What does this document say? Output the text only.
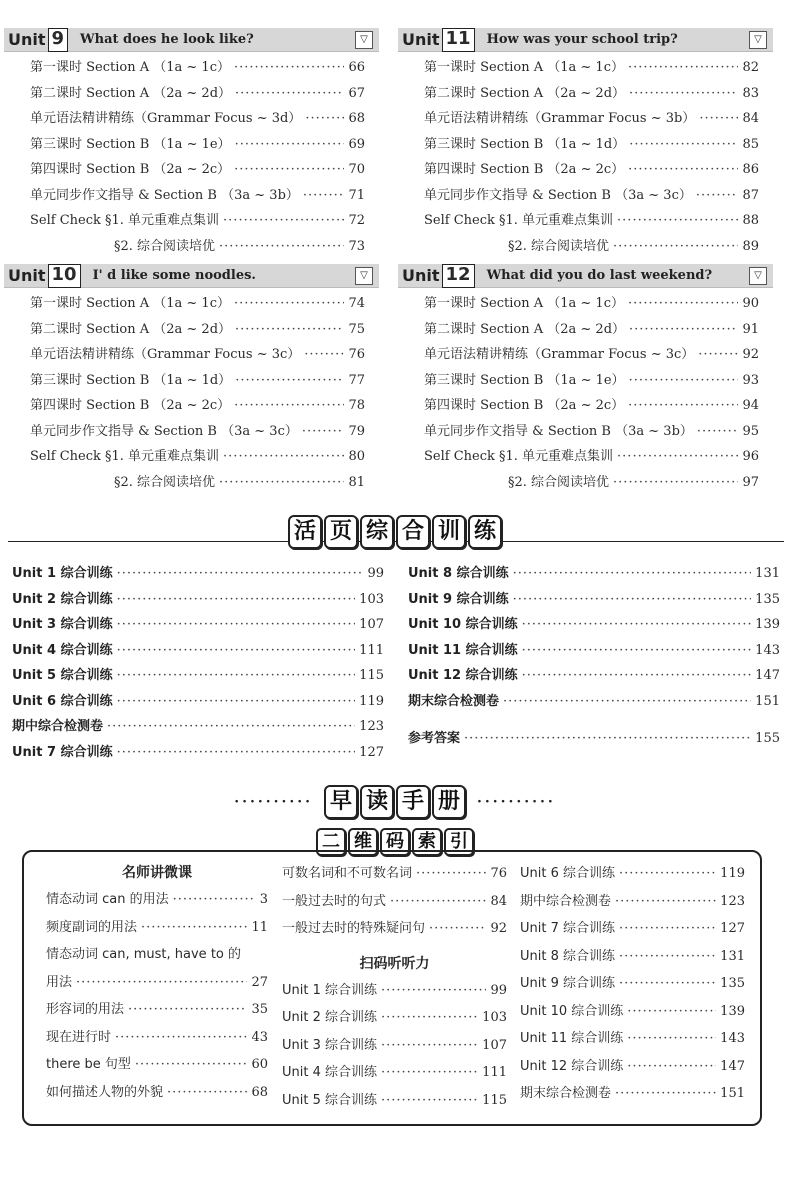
Unit 9	What does he look like?	▽
第一课时 Section A （1a ~ 1c） ·····	66
第二课时 Section A （2a ~ 2d） ·····	67
单元语法精讲精练（Grammar Focus ~ 3d） ·····	68
第三课时 Section B （1a ~ 1e） ·····	69
第四课时 Section B （2a ~ 2c） ·····	70
单元同步作文指导 & Section B （3a ~ 3b） ·····	71
Self Check §1. 单元重难点集训 ·····	72
§2. 综合阅读培优 ·····	73
Unit 11	How was your school trip?	▽
第一课时 Section A （1a ~ 1c） ·····	82
第二课时 Section A （2a ~ 2d） ·····	83
单元语法精讲精练（Grammar Focus ~ 3b） ·····	84
第三课时 Section B （1a ~ 1d） ·····	85
第四课时 Section B （2a ~ 2c） ·····	86
单元同步作文指导 & Section B （3a ~ 3c） ·····	87
Self Check §1. 单元重难点集训 ·····	88
§2. 综合阅读培优 ·····	89
Unit 10	I' d like some noodles.	▽
第一课时 Section A （1a ~ 1c） ·····	74
第二课时 Section A （2a ~ 2d） ·····	75
单元语法精讲精练（Grammar Focus ~ 3c） ·····	76
第三课时 Section B （1a ~ 1d） ·····	77
第四课时 Section B （2a ~ 2c） ·····	78
单元同步作文指导 & Section B （3a ~ 3c） ·····	79
Self Check §1. 单元重难点集训 ·····	80
§2. 综合阅读培优 ·····	81
Unit 12	What did you do last weekend?	▽
第一课时 Section A （1a ~ 1c） ·····	90
第二课时 Section A （2a ~ 2d） ·····	91
单元语法精讲精练（Grammar Focus ~ 3c） ·····	92
第三课时 Section B （1a ~ 1e） ·····	93
第四课时 Section B （2a ~ 2c） ·····	94
单元同步作文指导 & Section B （3a ~ 3b） ·····	95
Self Check §1. 单元重难点集训 ·····	96
§2. 综合阅读培优 ·····	97
活 页 综 合 训 练
Unit 1 综合训练 ·····	99
Unit 2 综合训练 ·····	103
Unit 3 综合训练 ·····	107
Unit 4 综合训练 ·····	111
Unit 5 综合训练 ·····	115
Unit 6 综合训练 ·····	119
期中综合检测卷 ·····	123
Unit 7 综合训练 ·····	127
Unit 8 综合训练 ·····	131
Unit 9 综合训练 ·····	135
Unit 10 综合训练 ·····	139
Unit 11 综合训练 ·····	143
Unit 12 综合训练 ·····	147
期末综合检测卷 ·····	151
参考答案 ·····	155
·········· 早 读 手 册	··········
二 维 码 索 引
名师讲微课
情态动词 can 的用法 ·····	3
频度副词的用法 ·····	11
情态动词 can, must, have to 的
用法 ·····	27
形容词的用法 ·····	35
现在进行时 ·····	43
there be 句型 ·····	60
如何描述人物的外貌 ·····	68
可数名词和不可数名词 ·····	76
一般过去时的句式 ·····	84
一般过去时的特殊疑问句 ·····	92
扫码听听力
Unit 1 综合训练 ·····	99
Unit 2 综合训练 ·····	103
Unit 3 综合训练 ·····	107
Unit 4 综合训练 ·····	111
Unit 5 综合训练 ·····	115
Unit 6 综合训练 ·····	119
期中综合检测卷 ·····	123
Unit 7 综合训练 ·····	127
Unit 8 综合训练 ·····	131
Unit 9 综合训练 ·····	135
Unit 10 综合训练 ·····	139
Unit 11 综合训练 ·····	143
Unit 12 综合训练 ·····	147
期末综合检测卷 ·····	151
